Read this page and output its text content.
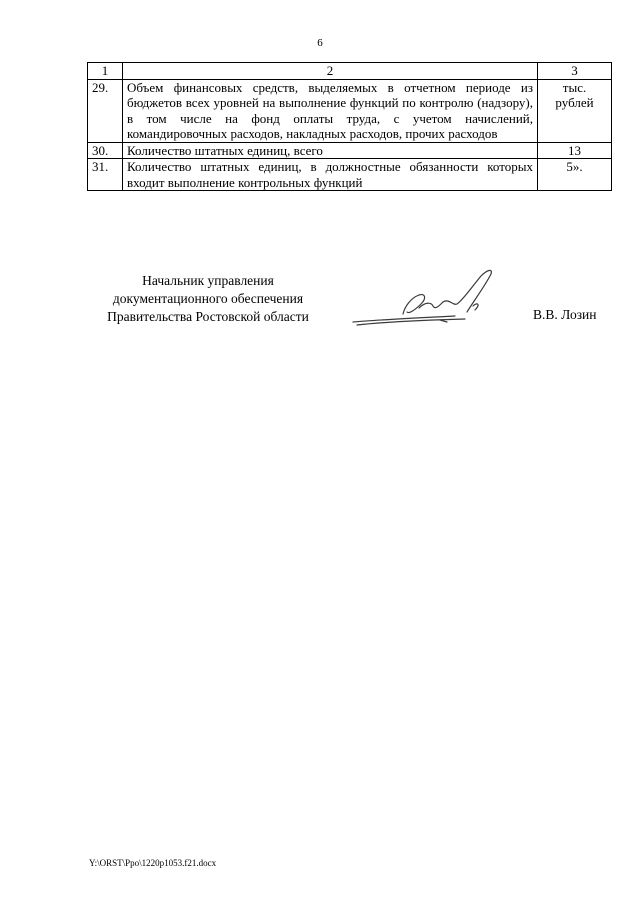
6
1	2	3
29.	Объем финансовых средств, выделяемых в отчетном периоде из бюджетов всех уровней на выполнение функций по контролю (надзору), в том числе на фонд оплаты труда, с учетом начислений, командировочных расходов, накладных расходов, прочих расходов	тыс.
рублей

30.	Количество штатных единиц, всего	13
31.	Количество штатных единиц, в должностные обязанности которых входит выполнение контрольных функций	5».
Начальник управления
документационного обеспечения
Правительства Ростовской области	В.В. Лозин
Y:\ORST\Ppo\1220p1053.f21.docx
